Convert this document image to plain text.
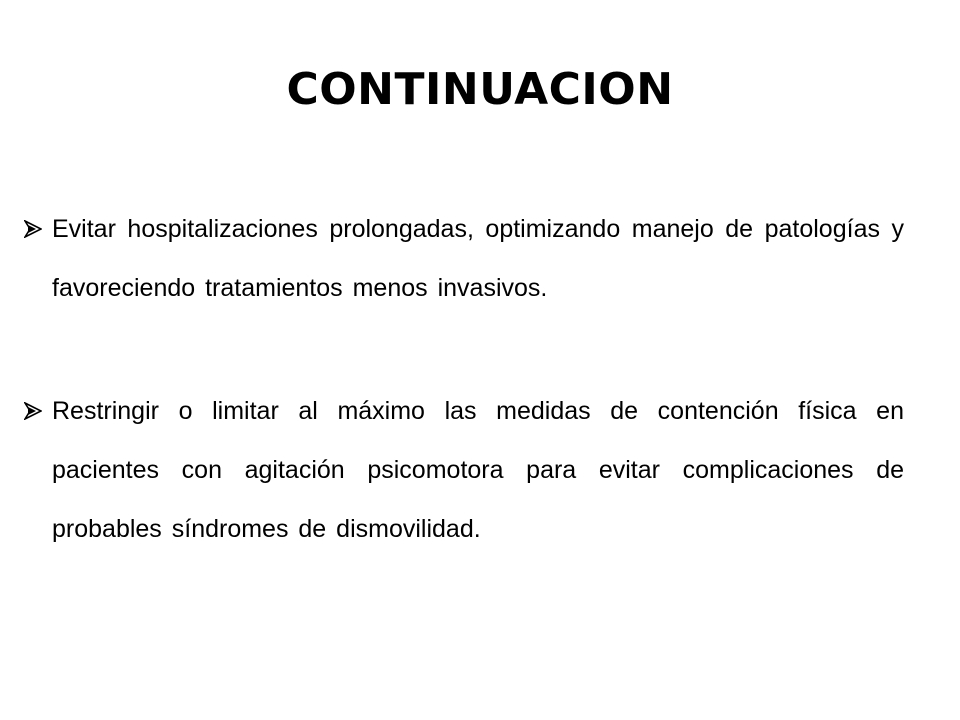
CONTINUACION
Evitar hospitalizaciones prolongadas, optimizando manejo de patologías y favoreciendo tratamientos menos invasivos.
Restringir o limitar al máximo las medidas de contención física en pacientes con agitación psicomotora para evitar complicaciones de probables síndromes de dismovilidad.
